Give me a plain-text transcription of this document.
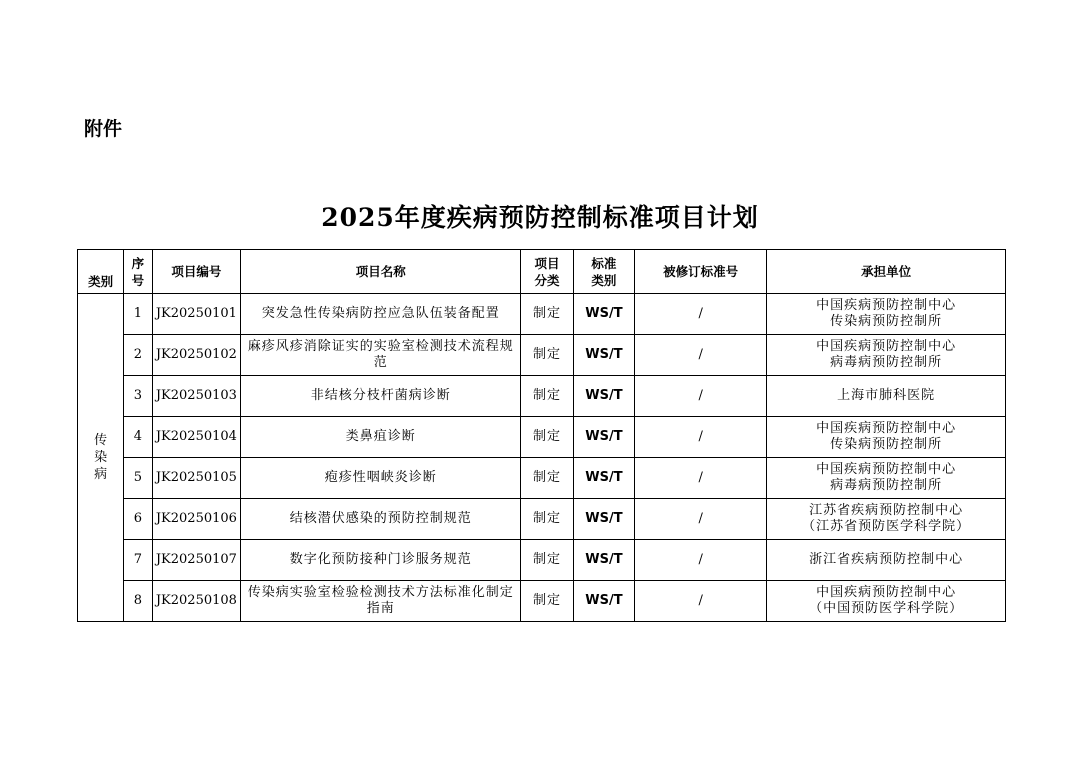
附件
2025年度疾病预防控制标准项目计划
类别	序号	项目编号	项目名称	项目分类	标准类别	被修订标准号	承担单位

传染病	1	JK20250101	突发急性传染病防控应急队伍装备配置	制定	WS/T	/	中国疾病预防控制中心
传染病预防控制所

	2	JK20250102	麻疹风疹消除证实的实验室检测技术流程规范	制定	WS/T	/	中国疾病预防控制中心
病毒病预防控制所

	3	JK20250103	非结核分枝杆菌病诊断	制定	WS/T	/	上海市肺科医院

	4	JK20250104	类鼻疽诊断	制定	WS/T	/	中国疾病预防控制中心
传染病预防控制所

	5	JK20250105	疱疹性咽峡炎诊断	制定	WS/T	/	中国疾病预防控制中心
病毒病预防控制所

	6	JK20250106	结核潜伏感染的预防控制规范	制定	WS/T	/	江苏省疾病预防控制中心
（江苏省预防医学科学院）

	7	JK20250107	数字化预防接种门诊服务规范	制定	WS/T	/	浙江省疾病预防控制中心

	8	JK20250108	传染病实验室检验检测技术方法标准化制定指南	制定	WS/T	/	中国疾病预防控制中心
（中国预防医学科学院）
